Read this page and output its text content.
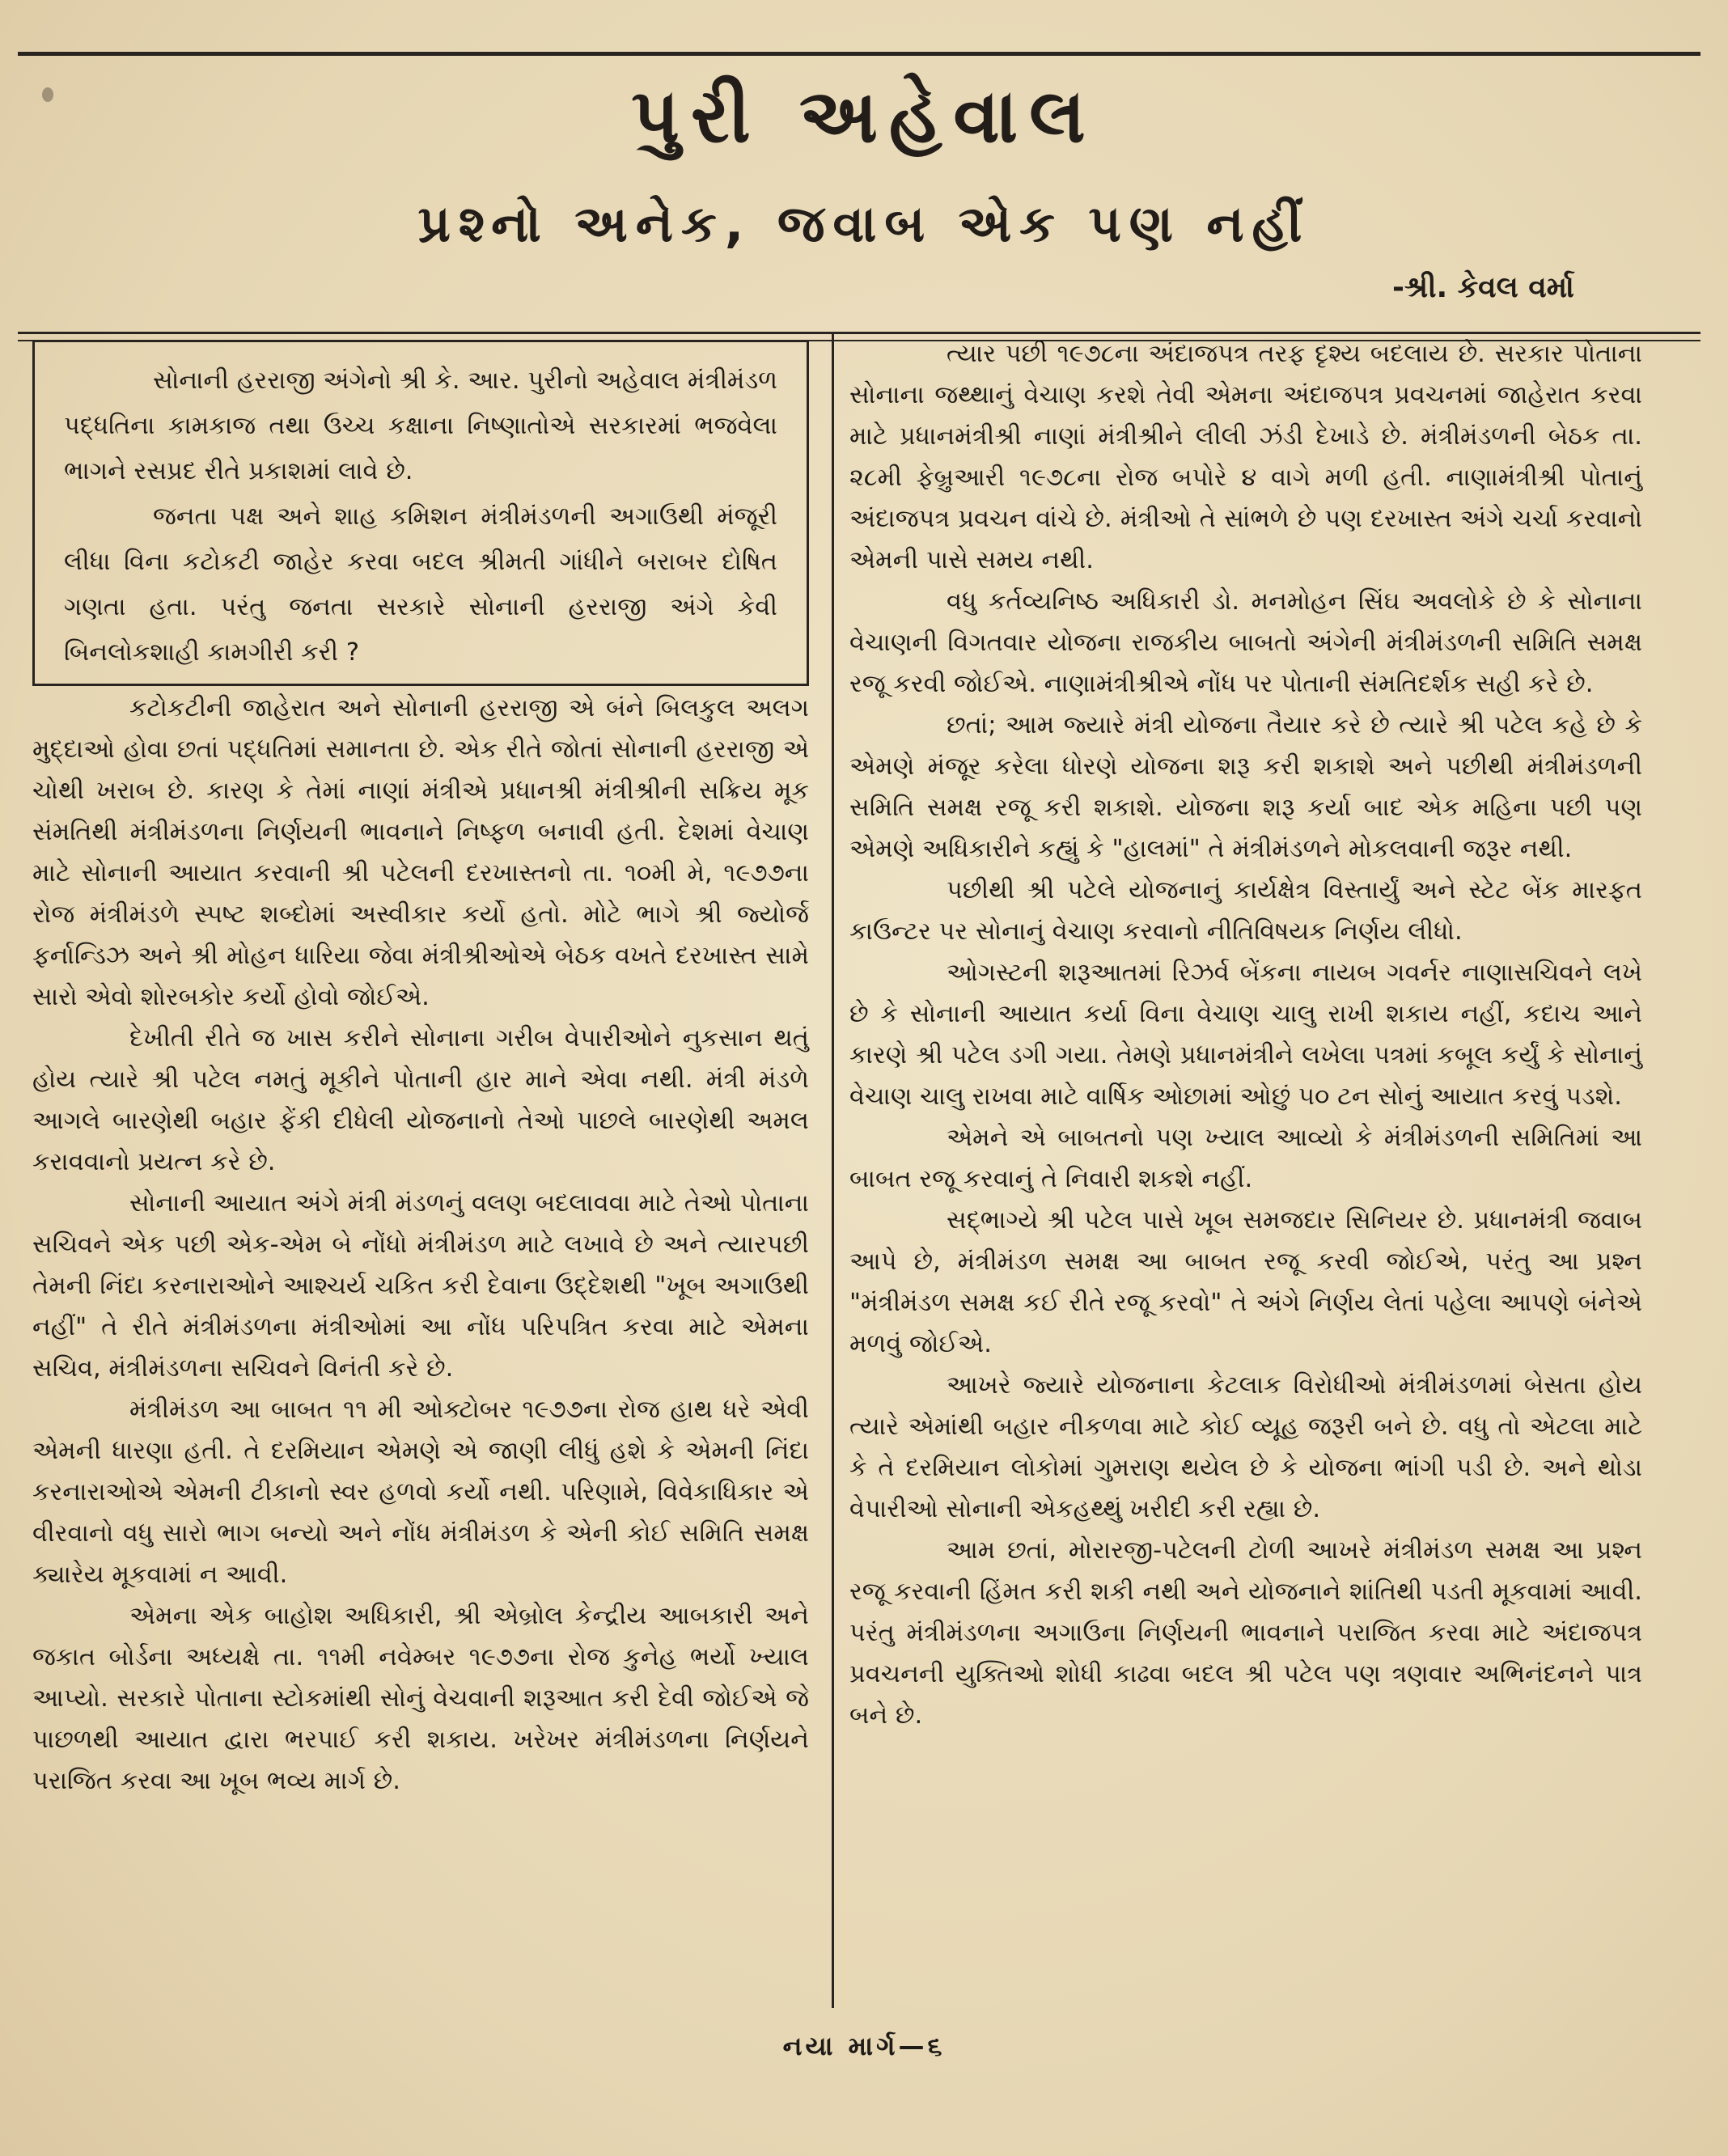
પુરી અહેવાલ
પ્રશ્નો અનેક, જવાબ એક પણ નહીં
-શ્રી. કેવલ વર્મા

સોનાની હરરાજી અંગેનો શ્રી કે. આર. પુરીનો અહેવાલ મંત્રીમંડળ પદ્ધતિના કામકાજ તથા ઉચ્ચ કક્ષાના નિષ્ણાતોએ સરકારમાં ભજવેલા ભાગને રસપ્રદ રીતે પ્રકાશમાં લાવે છે.

જનતા પક્ષ અને શાહ કમિશન મંત્રીમંડળની અગાઉથી મંજૂરી લીધા વિના કટોકટી જાહેર કરવા બદલ શ્રીમતી ગાંધીને બરાબર દોષિત ગણતા હતા. પરંતુ જનતા સરકારે સોનાની હરરાજી અંગે કેવી બિનલોકશાહી કામગીરી કરી ?

કટોકટીની જાહેરાત અને સોનાની હરરાજી એ બંને બિલકુલ અલગ મુદ્દાઓ હોવા છતાં પદ્ધતિમાં સમાનતા છે. એક રીતે જોતાં સોનાની હરરાજી એ ચોથી ખરાબ છે. કારણ કે તેમાં નાણાં મંત્રીએ પ્રધાનશ્રી મંત્રીશ્રીની સક્રિય મૂક સંમતિથી મંત્રીમંડળના નિર્ણયની ભાવનાને નિષ્ફળ બનાવી હતી. દેશમાં વેચાણ માટે સોનાની આયાત કરવાની શ્રી પટેલની દરખાસ્તનો તા. ૧૦મી મે, ૧૯૭૭ના રોજ મંત્રીમંડળે સ્પષ્ટ શબ્દોમાં અસ્વીકાર કર્યો હતો. મોટે ભાગે શ્રી જ્યોર્જ ફર્નાન્ડિઝ અને શ્રી મોહન ધારિયા જેવા મંત્રીશ્રીઓએ બેઠક વખતે દરખાસ્ત સામે સારો એવો શોરબકોર કર્યો હોવો જોઈએ.

દેખીતી રીતે જ ખાસ કરીને સોનાના ગરીબ વેપારીઓને નુકસાન થતું હોય ત્યારે શ્રી પટેલ નમતું મૂકીને પોતાની હાર માને એવા નથી. મંત્રી મંડળે આગલે બારણેથી બહાર ફેંકી દીધેલી યોજનાનો તેઓ પાછલે બારણેથી અમલ કરાવવાનો પ્રયત્ન કરે છે.

સોનાની આયાત અંગે મંત્રી મંડળનું વલણ બદલાવવા માટે તેઓ પોતાના સચિવને એક પછી એક-એમ બે નોંધો મંત્રીમંડળ માટે લખાવે છે અને ત્યારપછી તેમની નિંદા કરનારાઓને આશ્ચર્ય ચકિત કરી દેવાના ઉદ્દેશથી "ખૂબ અગાઉથી નહીં" તે રીતે મંત્રીમંડળના મંત્રીઓમાં આ નોંધ પરિપત્રિત કરવા માટે એમના સચિવ, મંત્રીમંડળના સચિવને વિનંતી કરે છે.

મંત્રીમંડળ આ બાબત ૧૧ મી ઓક્ટોબર ૧૯૭૭ના રોજ હાથ ધરે એવી એમની ધારણા હતી. તે દરમિયાન એમણે એ જાણી લીધું હશે કે એમની નિંદા કરનારાઓએ એમની ટીકાનો સ્વર હળવો કર્યો નથી. પરિણામે, વિવેકાધિકાર એ વીરવાનો વધુ સારો ભાગ બન્યો અને નોંધ મંત્રીમંડળ કે એની કોઈ સમિતિ સમક્ષ ક્યારેય મૂકવામાં ન આવી.

એમના એક બાહોશ અધિકારી, શ્રી એબ્રોલ કેન્દ્રીય આબકારી અને જકાત બોર્ડના અધ્યક્ષે તા. ૧૧મી નવેમ્બર ૧૯૭૭ના રોજ કુનેહ ભર્યો ખ્યાલ આપ્યો. સરકારે પોતાના સ્ટોકમાંથી સોનું વેચવાની શરૂઆત કરી દેવી જોઈએ જે પાછળથી આયાત દ્વારા ભરપાઈ કરી શકાય. ખરેખર મંત્રીમંડળના નિર્ણયને પરાજિત કરવા આ ખૂબ ભવ્ય માર્ગ છે.

ત્યાર પછી ૧૯૭૮ના અંદાજપત્ર તરફ દૃશ્ય બદલાય છે. સરકાર પોતાના સોનાના જથ્થાનું વેચાણ કરશે તેવી એમના અંદાજપત્ર પ્રવચનમાં જાહેરાત કરવા માટે પ્રધાનમંત્રીશ્રી નાણાં મંત્રીશ્રીને લીલી ઝંડી દેખાડે છે. મંત્રીમંડળની બેઠક તા. ૨૮મી ફેબ્રુઆરી ૧૯૭૮ના રોજ બપોરે ૪ વાગે મળી હતી. નાણામંત્રીશ્રી પોતાનું અંદાજપત્ર પ્રવચન વાંચે છે. મંત્રીઓ તે સાંભળે છે પણ દરખાસ્ત અંગે ચર્ચા કરવાનો એમની પાસે સમય નથી.

વધુ કર્તવ્યનિષ્ઠ અધિકારી ડો. મનમોહન સિંઘ અવલોકે છે કે સોનાના વેચાણની વિગતવાર યોજના રાજકીય બાબતો અંગેની મંત્રીમંડળની સમિતિ સમક્ષ રજૂ કરવી જોઈએ. નાણામંત્રીશ્રીએ નોંધ પર પોતાની સંમતિદર્શક સહી કરે છે.

છતાં; આમ જ્યારે મંત્રી યોજના તૈયાર કરે છે ત્યારે શ્રી પટેલ કહે છે કે એમણે મંજૂર કરેલા ધોરણે યોજના શરૂ કરી શકાશે અને પછીથી મંત્રીમંડળની સમિતિ સમક્ષ રજૂ કરી શકાશે. યોજના શરૂ કર્યા બાદ એક મહિના પછી પણ એમણે અધિકારીને કહ્યું કે "હાલમાં" તે મંત્રીમંડળને મોકલવાની જરૂર નથી.

પછીથી શ્રી પટેલે યોજનાનું કાર્યક્ષેત્ર વિસ્તાર્યું અને સ્ટેટ બેંક મારફત કાઉન્ટર પર સોનાનું વેચાણ કરવાનો નીતિવિષયક નિર્ણય લીધો.

ઓગસ્ટની શરૂઆતમાં રિઝર્વ બેંકના નાયબ ગવર્નર નાણાસચિવને લખે છે કે સોનાની આયાત કર્યા વિના વેચાણ ચાલુ રાખી શકાય નહીં, કદાચ આને કારણે શ્રી પટેલ ડગી ગયા. તેમણે પ્રધાનમંત્રીને લખેલા પત્રમાં કબૂલ કર્યું કે સોનાનું વેચાણ ચાલુ રાખવા માટે વાર્ષિક ઓછામાં ઓછું ૫૦ ટન સોનું આયાત કરવું પડશે.

એમને એ બાબતનો પણ ખ્યાલ આવ્યો કે મંત્રીમંડળની સમિતિમાં આ બાબત રજૂ કરવાનું તે નિવારી શકશે નહીં.

સદ્ભાગ્યે શ્રી પટેલ પાસે ખૂબ સમજદાર સિનિયર છે. પ્રધાનમંત્રી જવાબ આપે છે, મંત્રીમંડળ સમક્ષ આ બાબત રજૂ કરવી જોઈએ, પરંતુ આ પ્રશ્ન "મંત્રીમંડળ સમક્ષ કઈ રીતે રજૂ કરવો" તે અંગે નિર્ણય લેતાં પહેલા આપણે બંનેએ મળવું જોઈએ.

આખરે જ્યારે યોજનાના કેટલાક વિરોધીઓ મંત્રીમંડળમાં બેસતા હોય ત્યારે એમાંથી બહાર નીકળવા માટે કોઈ વ્યૂહ જરૂરી બને છે. વધુ તો એટલા માટે કે તે દરમિયાન લોકોમાં ગુમરાણ થયેલ છે કે યોજના ભાંગી પડી છે. અને થોડા વેપારીઓ સોનાની એકહથ્થું ખરીદી કરી રહ્યા છે.

આમ છતાં, મોરારજી-પટેલની ટોળી આખરે મંત્રીમંડળ સમક્ષ આ પ્રશ્ન રજૂ કરવાની હિંમત કરી શકી નથી અને યોજનાને શાંતિથી પડતી મૂકવામાં આવી. પરંતુ મંત્રીમંડળના અગાઉના નિર્ણયની ભાવનાને પરાજિત કરવા માટે અંદાજપત્ર પ્રવચનની યુક્તિઓ શોધી કાઢવા બદલ શ્રી પટેલ પણ ત્રણવાર અભિનંદનને પાત્ર બને છે.

નયા માર્ગ—૬
